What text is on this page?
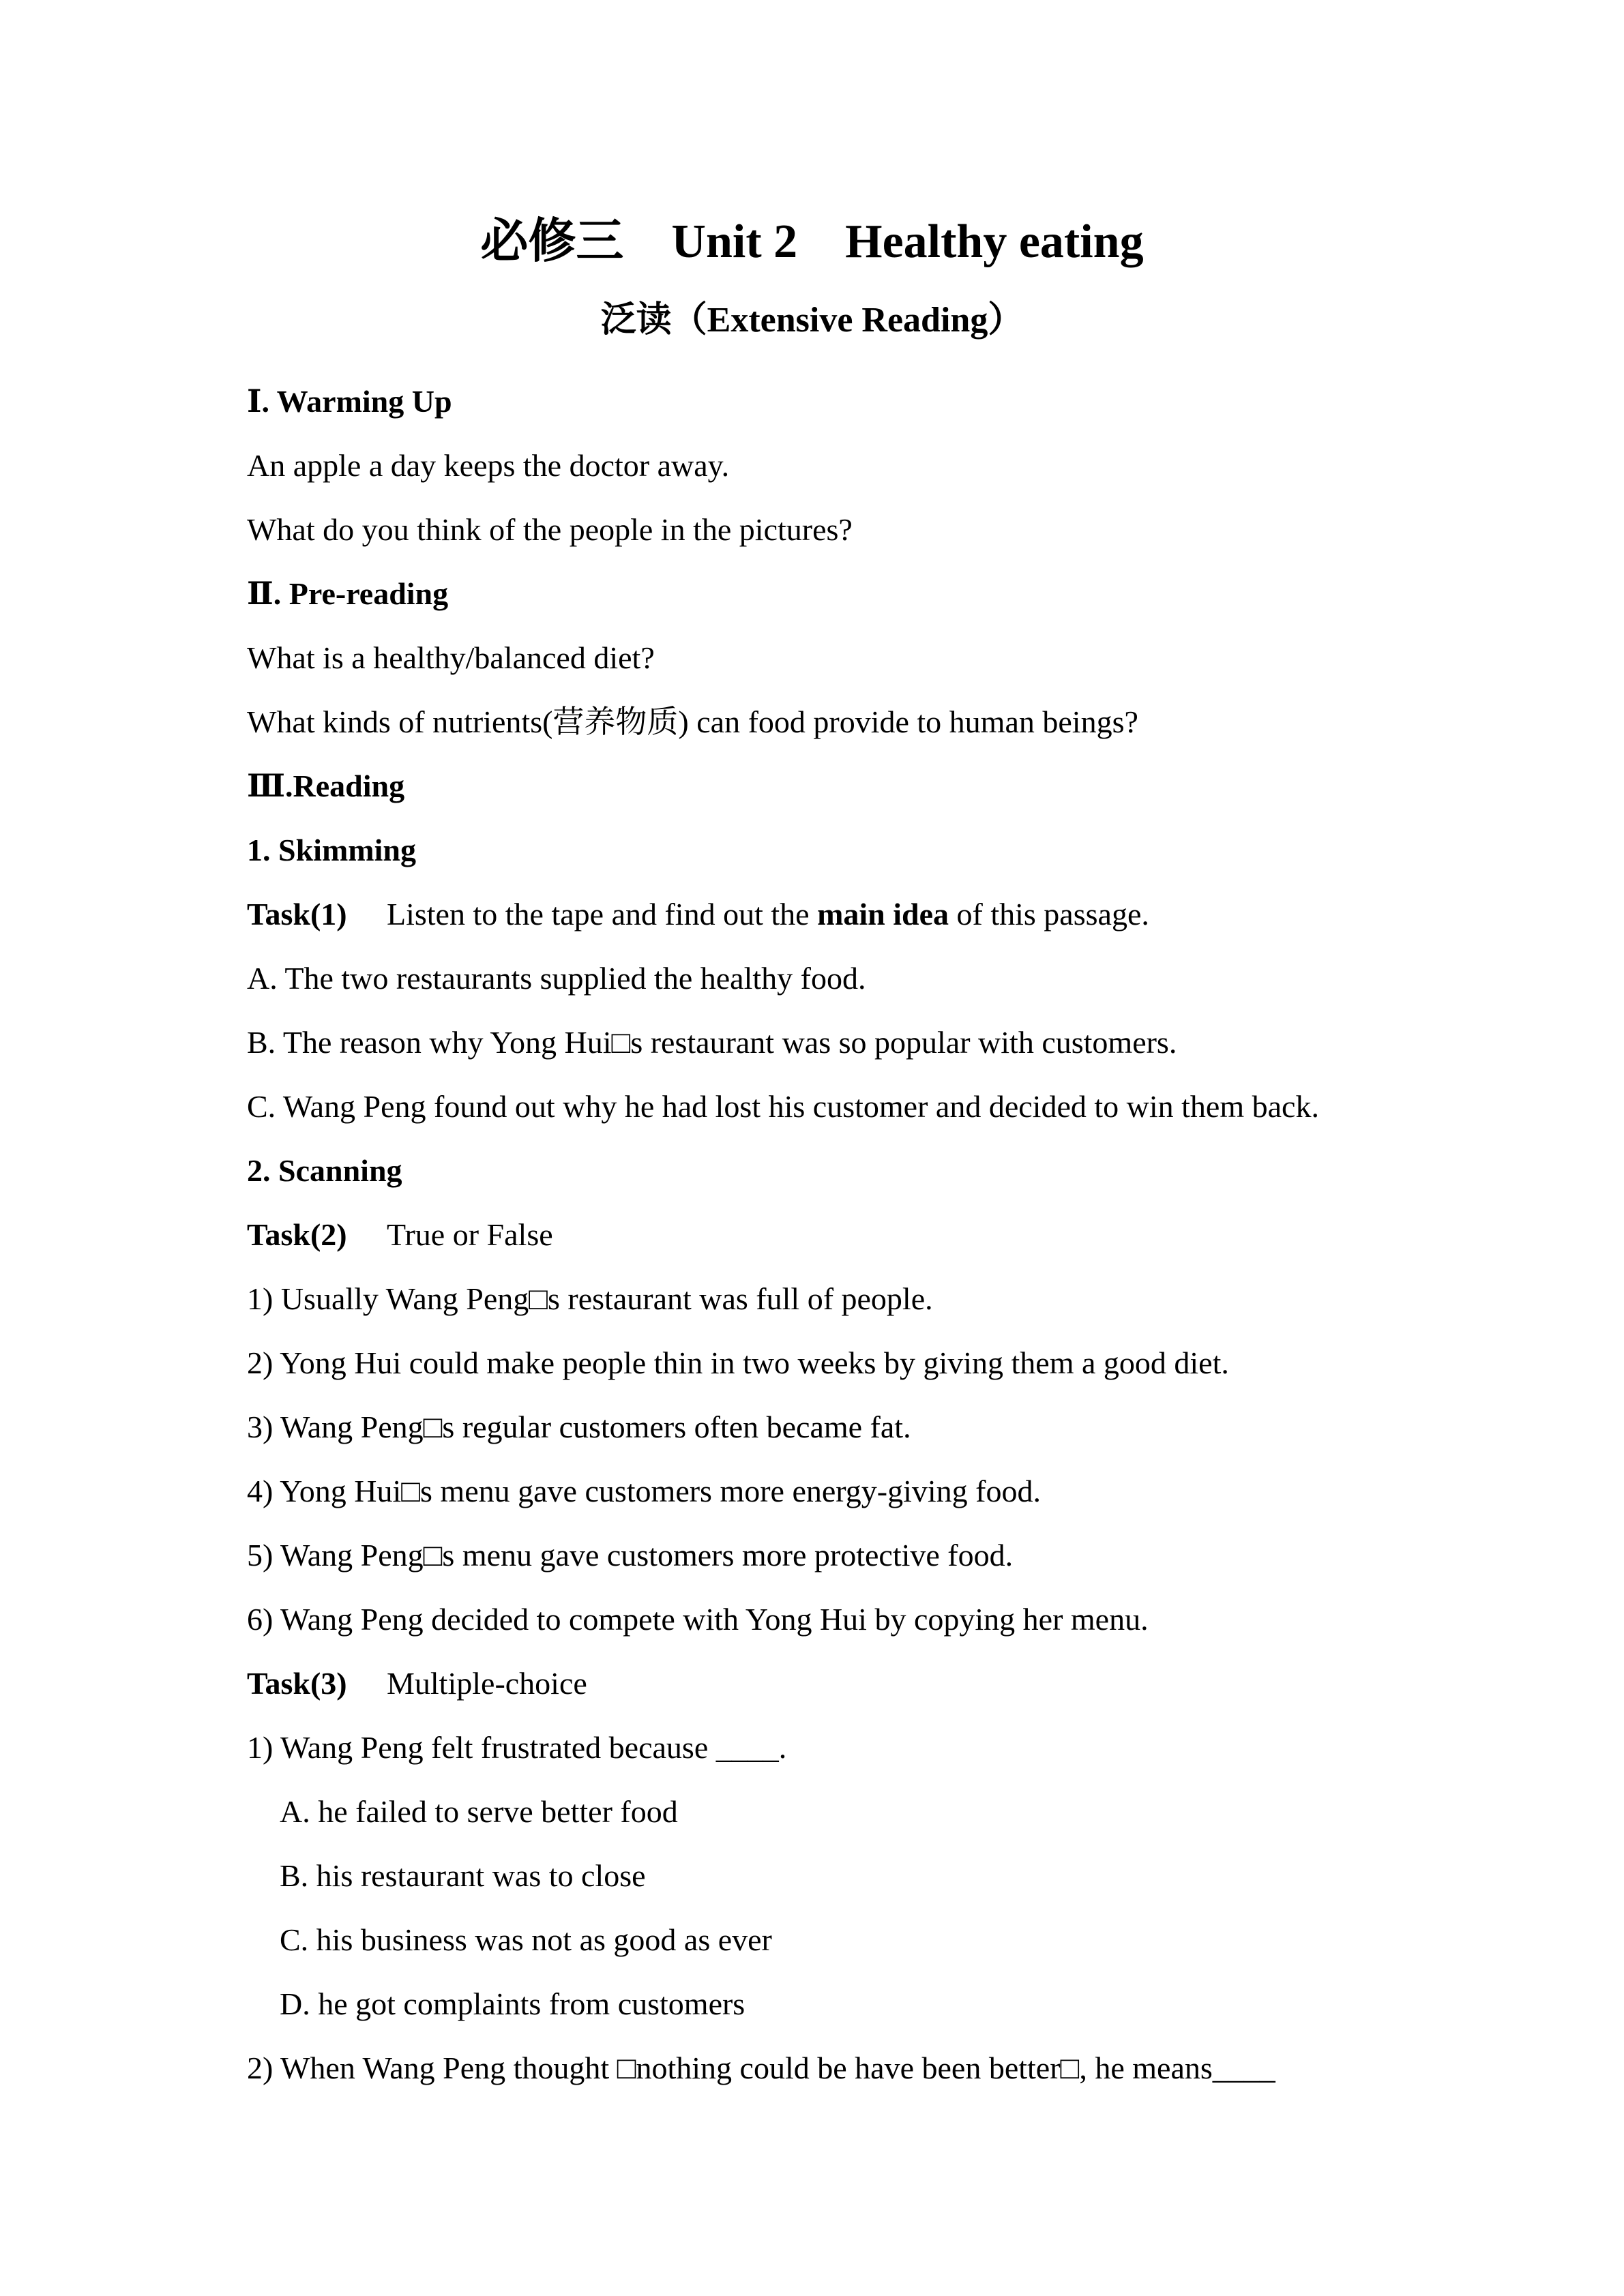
必修三　Unit 2　Healthy eating
泛读（Extensive Reading）
Ⅰ. Warming Up
An apple a day keeps the doctor away.
What do you think of the people in the pictures?
Ⅱ. Pre-reading
What is a healthy/balanced diet?
What kinds of nutrients(营养物质) can food provide to human beings?
Ⅲ.Reading
1. Skimming
Task(1) Listen to the tape and find out the main idea of this passage.
A. The two restaurants supplied the healthy food.
B. The reason why Yong Hui□s restaurant was so popular with customers.
C. Wang Peng found out why he had lost his customer and decided to win them back.
2. Scanning
Task(2) True or False
1) Usually Wang Peng□s restaurant was full of people.
2) Yong Hui could make people thin in two weeks by giving them a good diet.
3) Wang Peng□s regular customers often became fat.
4) Yong Hui□s menu gave customers more energy-giving food.
5) Wang Peng□s menu gave customers more protective food.
6) Wang Peng decided to compete with Yong Hui by copying her menu.
Task(3) Multiple-choice
1) Wang Peng felt frustrated because ____.
A. he failed to serve better food
B. his restaurant was to close
C. his business was not as good as ever
D. he got complaints from customers
2) When Wang Peng thought □nothing could be have been better□, he means____
